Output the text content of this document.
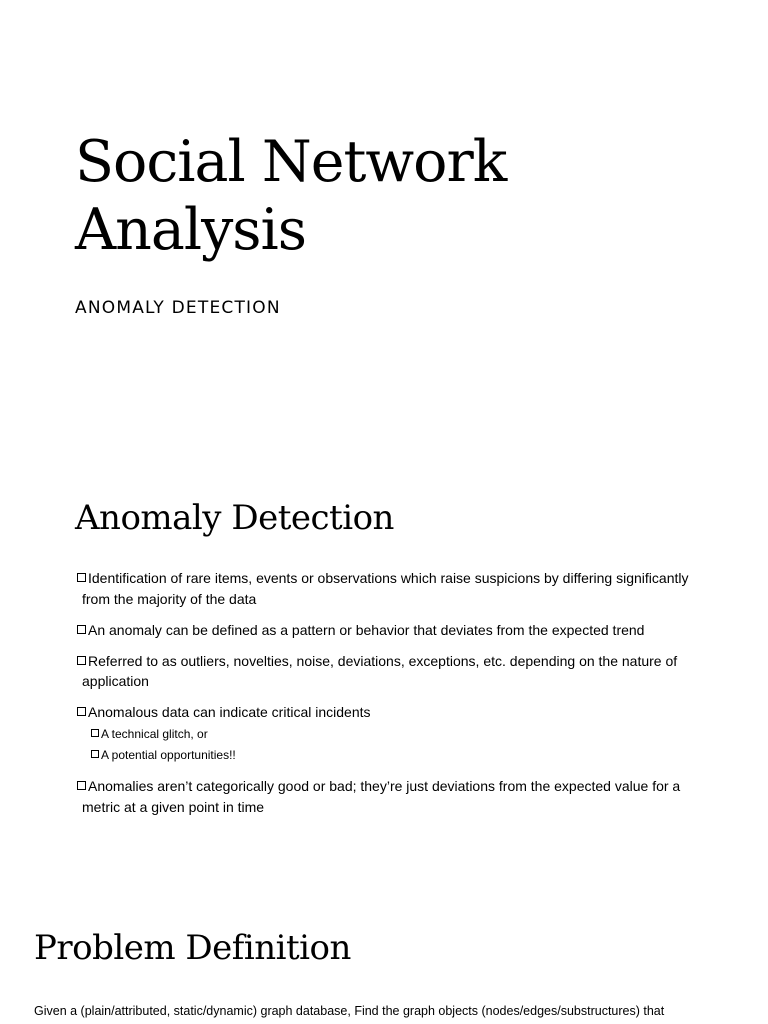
Social Network Analysis

ANOMALY DETECTION

Anomaly Detection
Identification of rare items, events or observations which raise suspicions by differing significantly from the majority of the data
An anomaly can be defined as a pattern or behavior that deviates from the expected trend
Referred to as outliers, novelties, noise, deviations, exceptions, etc. depending on the nature of application
Anomalous data can indicate critical incidents
A technical glitch, or
A potential opportunities!!
Anomalies aren’t categorically good or bad; they’re just deviations from the expected value for a metric at a given point in time
Problem Definition

Given a (plain/attributed, static/dynamic) graph database, Find the graph objects (nodes/edges/substructures) that
